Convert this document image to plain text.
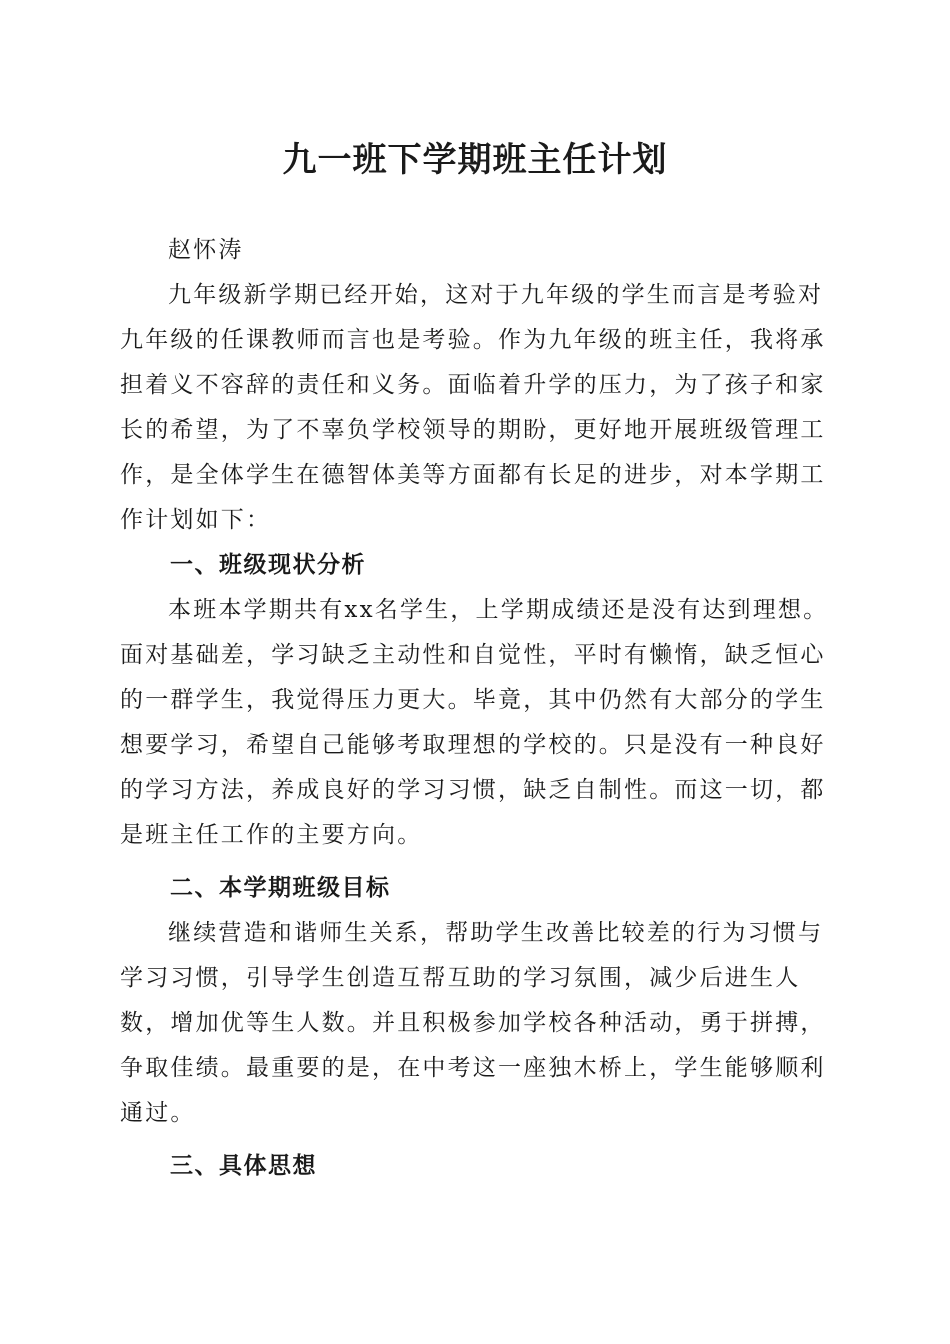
九一班下学期班主任计划

赵怀涛

九年级新学期已经开始，这对于九年级的学生而言是考验对九年级的任课教师而言也是考验。作为九年级的班主任，我将承担着义不容辞的责任和义务。面临着升学的压力，为了孩子和家长的希望，为了不辜负学校领导的期盼，更好地开展班级管理工作，是全体学生在德智体美等方面都有长足的进步，对本学期工作计划如下：

一、班级现状分析

本班本学期共有xx名学生，上学期成绩还是没有达到理想。面对基础差，学习缺乏主动性和自觉性，平时有懒惰，缺乏恒心的一群学生，我觉得压力更大。毕竟，其中仍然有大部分的学生想要学习，希望自己能够考取理想的学校的。只是没有一种良好的学习方法，养成良好的学习习惯，缺乏自制性。而这一切，都是班主任工作的主要方向。

二、本学期班级目标

继续营造和谐师生关系，帮助学生改善比较差的行为习惯与学习习惯，引导学生创造互帮互助的学习氛围，减少后进生人数，增加优等生人数。并且积极参加学校各种活动，勇于拼搏，争取佳绩。最重要的是，在中考这一座独木桥上，学生能够顺利通过。

三、具体思想
